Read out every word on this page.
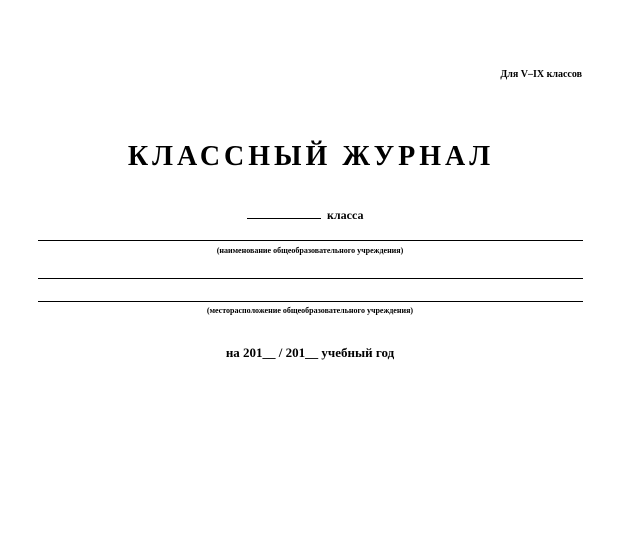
Для V–IX классов
КЛАССНЫЙ ЖУРНАЛ
класса
(наименование общеобразовательного учреждения)
(месторасположение общеобразовательного учреждения)
на 201__ / 201__ учебный год
